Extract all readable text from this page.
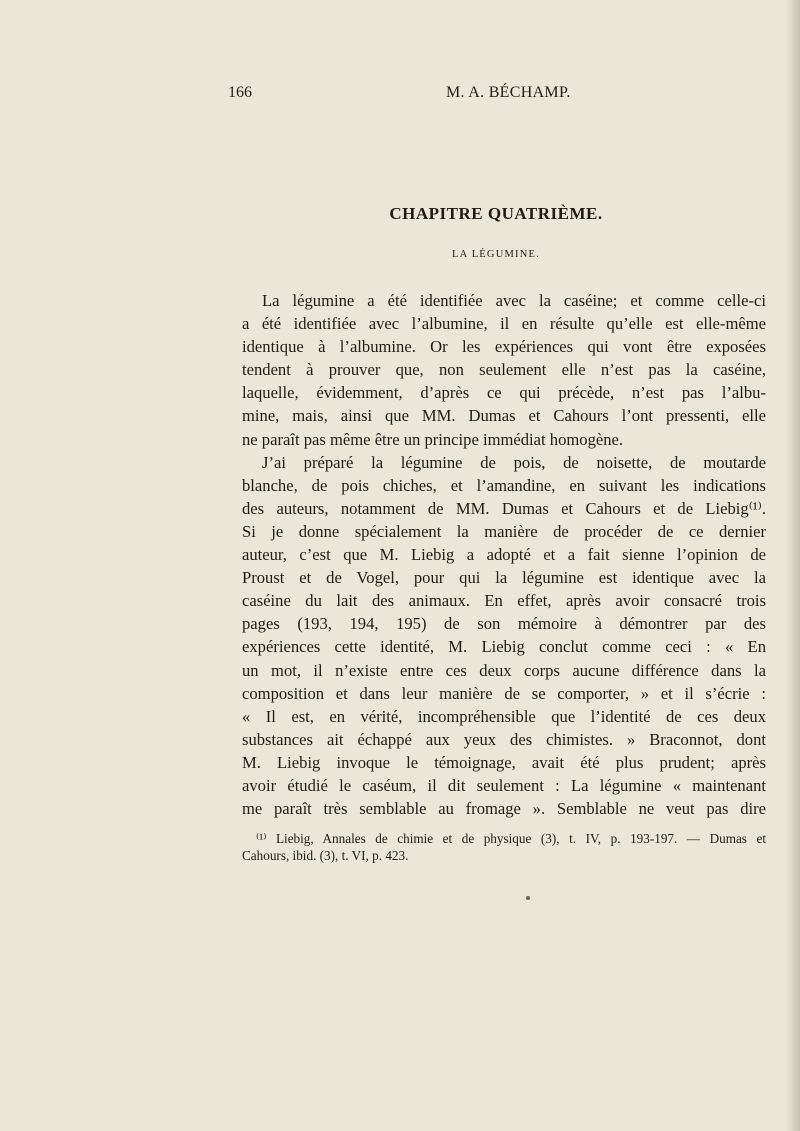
166	M. A. BÉCHAMP.
CHAPITRE QUATRIÈME.
LA LÉGUMINE.
La légumine a été identifiée avec la caséine; et comme celle-ci
a été identifiée avec l’albumine, il en résulte qu’elle est elle-même
identique à l’albumine. Or les expériences qui vont être exposées
tendent à prouver que, non seulement elle n’est pas la caséine,
laquelle, évidemment, d’après ce qui précède, n’est pas l’albu-
mine, mais, ainsi que MM. Dumas et Cahours l’ont pressenti, elle
ne paraît pas même être un principe immédiat homogène.
J’ai préparé la légumine de pois, de noisette, de moutarde
blanche, de pois chiches, et l’amandine, en suivant les indications
des auteurs, notamment de MM. Dumas et Cahours et de Liebig⁽¹⁾.
Si je donne spécialement la manière de procéder de ce dernier
auteur, c’est que M. Liebig a adopté et a fait sienne l’opinion de
Proust et de Vogel, pour qui la légumine est identique avec la
caséine du lait des animaux. En effet, après avoir consacré trois
pages (193, 194, 195) de son mémoire à démontrer par des
expériences cette identité, M. Liebig conclut comme ceci : « En
un mot, il n’existe entre ces deux corps aucune différence dans la
composition et dans leur manière de se comporter, » et il s’écrie :
« Il est, en vérité, incompréhensible que l’identité de ces deux
substances ait échappé aux yeux des chimistes. » Braconnot, dont
M. Liebig invoque le témoignage, avait été plus prudent; après
avoir étudié le caséum, il dit seulement : La légumine « maintenant
me paraît très semblable au fromage ». Semblable ne veut pas dire
⁽¹⁾ Liebig, Annales de chimie et de physique (3), t. IV, p. 193-197. — Dumas et
Cahours, ibid. (3), t. VI, p. 423.
